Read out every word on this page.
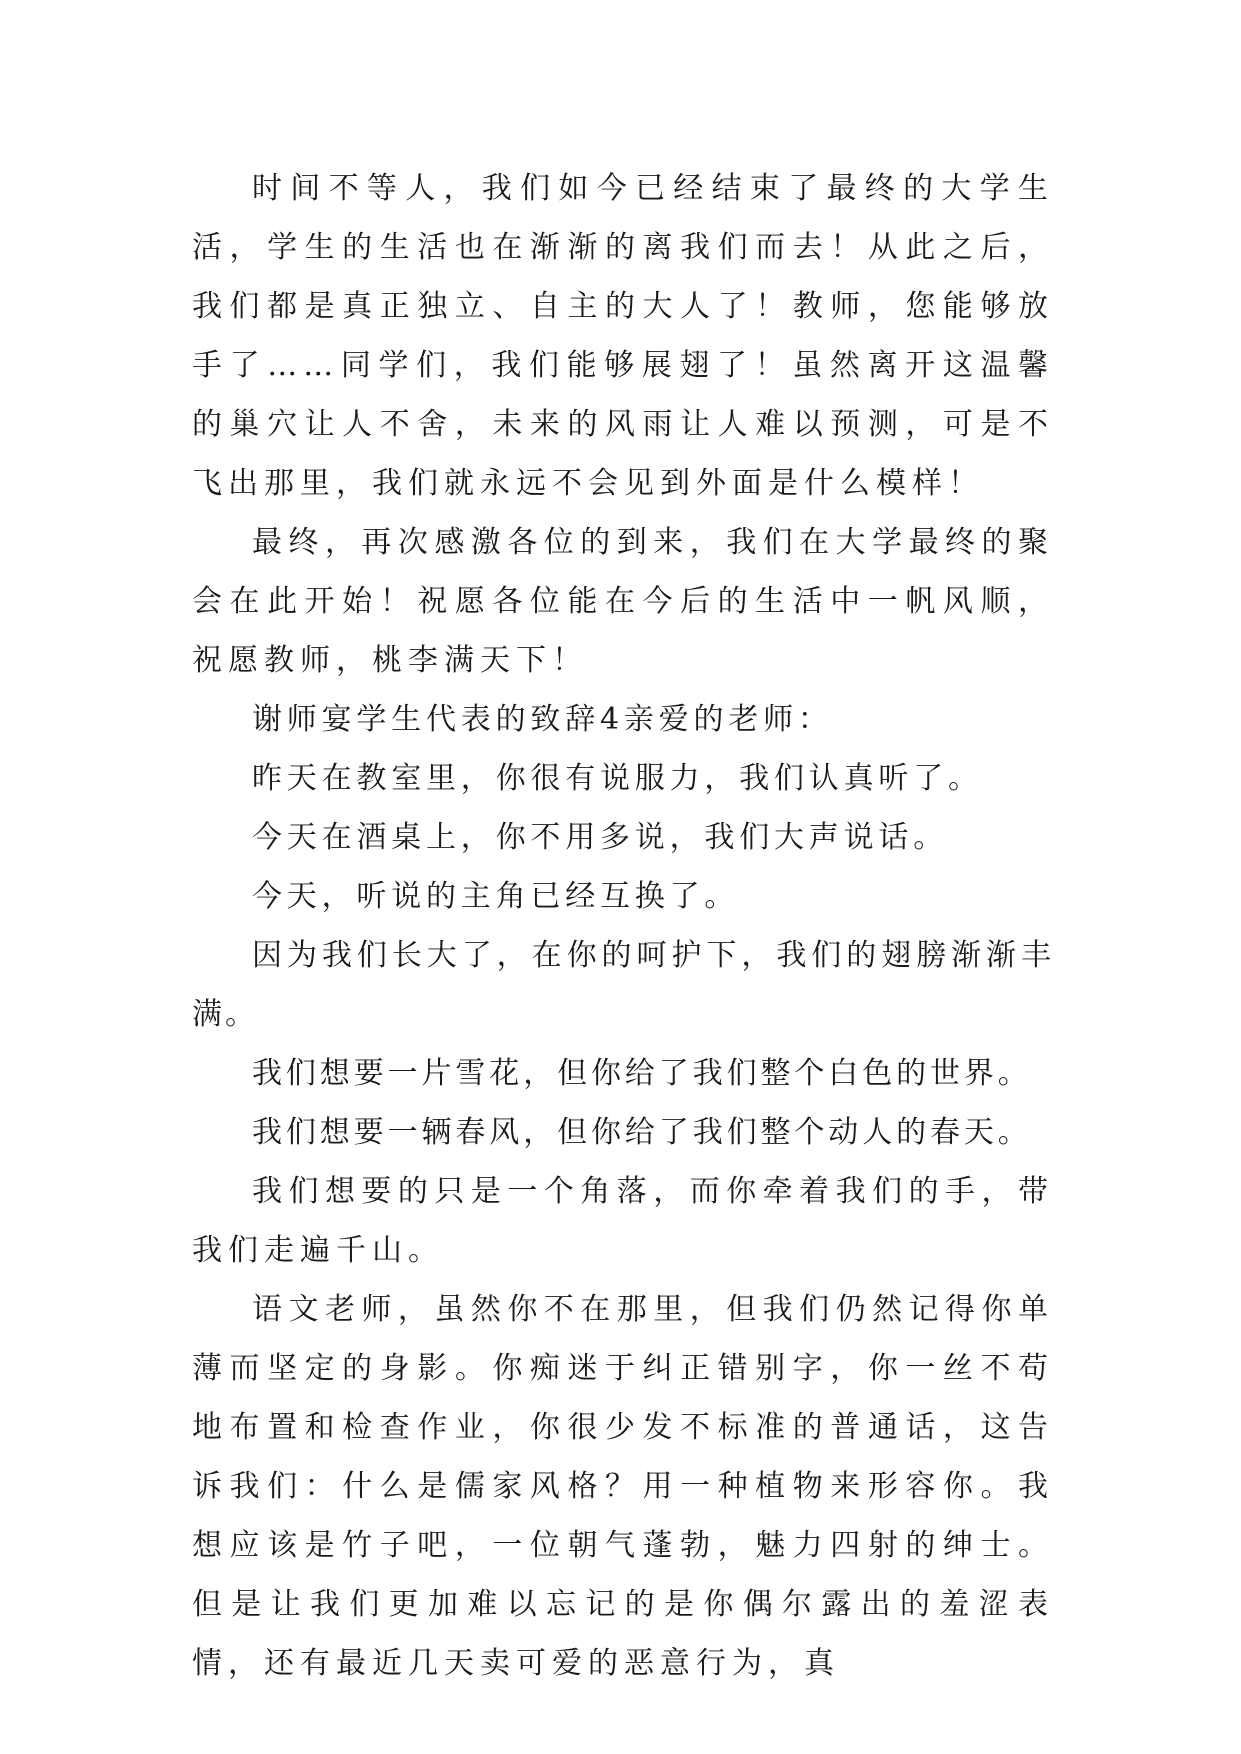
时间不等人，我们如今已经结束了最终的大学生活，学生的生活也在渐渐的离我们而去！从此之后，我们都是真正独立、自主的大人了！教师，您能够放手了……同学们，我们能够展翅了！虽然离开这温馨的巢穴让人不舍，未来的风雨让人难以预测，可是不飞出那里，我们就永远不会见到外面是什么模样！

最终，再次感激各位的到来，我们在大学最终的聚会在此开始！祝愿各位能在今后的生活中一帆风顺，祝愿教师，桃李满天下！

谢师宴学生代表的致辞4亲爱的老师：

昨天在教室里，你很有说服力，我们认真听了。

今天在酒桌上，你不用多说，我们大声说话。

今天，听说的主角已经互换了。

因为我们长大了，在你的呵护下，我们的翅膀渐渐丰满。

我们想要一片雪花，但你给了我们整个白色的世界。

我们想要一辆春风，但你给了我们整个动人的春天。

我们想要的只是一个角落，而你牵着我们的手，带我们走遍千山。

语文老师，虽然你不在那里，但我们仍然记得你单薄而坚定的身影。你痴迷于纠正错别字，你一丝不苟地布置和检查作业，你很少发不标准的普通话，这告诉我们：什么是儒家风格？用一种植物来形容你。我想应该是竹子吧，一位朝气蓬勃，魅力四射的绅士。但是让我们更加难以忘记的是你偶尔露出的羞涩表情，还有最近几天卖可爱的恶意行为，真
